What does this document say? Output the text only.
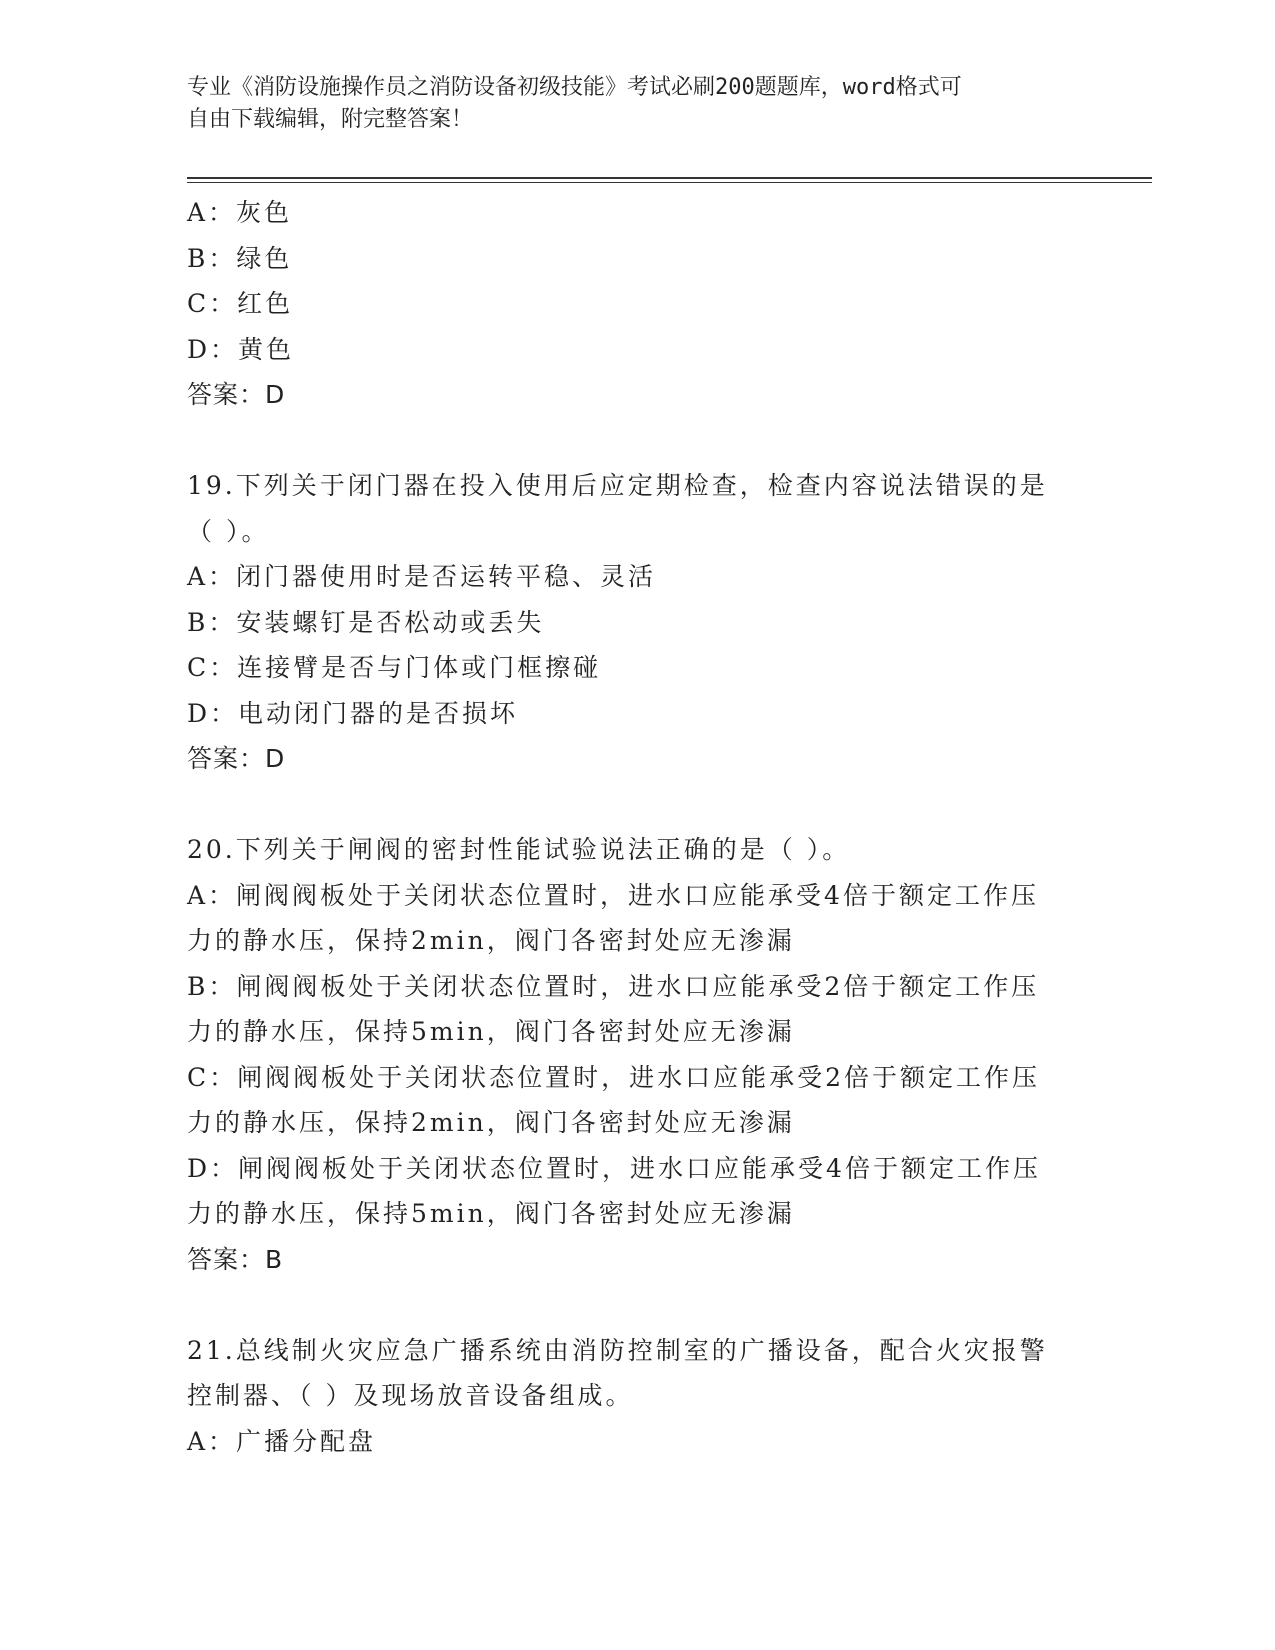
专业《消防设施操作员之消防设备初级技能》考试必刷200题题库，word格式可
自由下载编辑，附完整答案！
A：灰色
B：绿色
C：红色
D：黄色
答案：D
19.下列关于闭门器在投入使用后应定期检查，检查内容说法错误的是
（ ）。
A：闭门器使用时是否运转平稳、灵活
B：安装螺钉是否松动或丢失
C：连接臂是否与门体或门框擦碰
D：电动闭门器的是否损坏
答案：D
20.下列关于闸阀的密封性能试验说法正确的是（ ）。
A：闸阀阀板处于关闭状态位置时，进水口应能承受4倍于额定工作压
力的静水压，保持2min，阀门各密封处应无渗漏
B：闸阀阀板处于关闭状态位置时，进水口应能承受2倍于额定工作压
力的静水压，保持5min，阀门各密封处应无渗漏
C：闸阀阀板处于关闭状态位置时，进水口应能承受2倍于额定工作压
力的静水压，保持2min，阀门各密封处应无渗漏
D：闸阀阀板处于关闭状态位置时，进水口应能承受4倍于额定工作压
力的静水压，保持5min，阀门各密封处应无渗漏
答案：B
21.总线制火灾应急广播系统由消防控制室的广播设备，配合火灾报警
控制器、（ ）及现场放音设备组成。
A：广播分配盘
